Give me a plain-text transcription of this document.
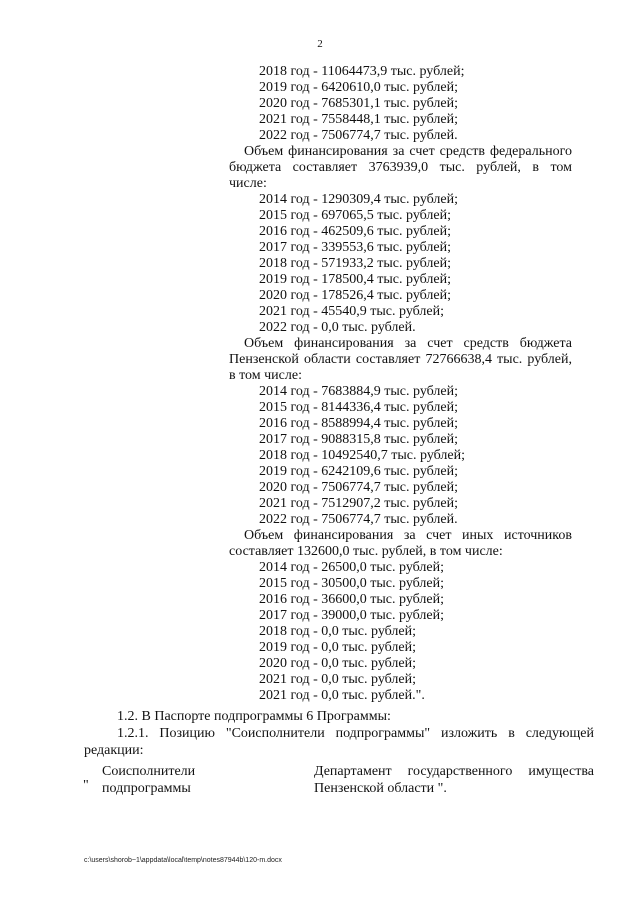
2
2018 год - 11064473,9 тыс. рублей;
2019 год - 6420610,0 тыс. рублей;
2020 год - 7685301,1 тыс. рублей;
2021 год - 7558448,1 тыс. рублей;
2022 год - 7506774,7 тыс. рублей.
Объем финансирования за счет средств федерального
бюджета составляет 3763939,0 тыс. рублей, в том
числе:
2014 год - 1290309,4 тыс. рублей;
2015 год - 697065,5 тыс. рублей;
2016 год - 462509,6 тыс. рублей;
2017 год - 339553,6 тыс. рублей;
2018 год - 571933,2 тыс. рублей;
2019 год - 178500,4 тыс. рублей;
2020 год - 178526,4 тыс. рублей;
2021 год - 45540,9 тыс. рублей;
2022 год - 0,0 тыс. рублей.
Объем финансирования за счет средств бюджета
Пензенской области составляет 72766638,4 тыс. рублей,
в том числе:
2014 год - 7683884,9 тыс. рублей;
2015 год - 8144336,4 тыс. рублей;
2016 год - 8588994,4 тыс. рублей;
2017 год - 9088315,8 тыс. рублей;
2018 год - 10492540,7 тыс. рублей;
2019 год - 6242109,6 тыс. рублей;
2020 год - 7506774,7 тыс. рублей;
2021 год - 7512907,2 тыс. рублей;
2022 год - 7506774,7 тыс. рублей.
Объем финансирования за счет иных источников
составляет 132600,0 тыс. рублей, в том числе:
2014 год - 26500,0 тыс. рублей;
2015 год - 30500,0 тыс. рублей;
2016 год - 36600,0 тыс. рублей;
2017 год - 39000,0 тыс. рублей;
2018 год - 0,0 тыс. рублей;
2019 год - 0,0 тыс. рублей;
2020 год - 0,0 тыс. рублей;
2021 год - 0,0 тыс. рублей;
2021 год - 0,0 тыс. рублей.".
1.2. В Паспорте подпрограммы 6 Программы:
1.2.1. Позицию "Соисполнители подпрограммы" изложить в следующей
редакции:
"
Соисполнители
подпрограммы
Департамент государственного имущества
Пензенской области ".
c:\users\shorob~1\appdata\local\temp\notes87944b\120-m.docx
